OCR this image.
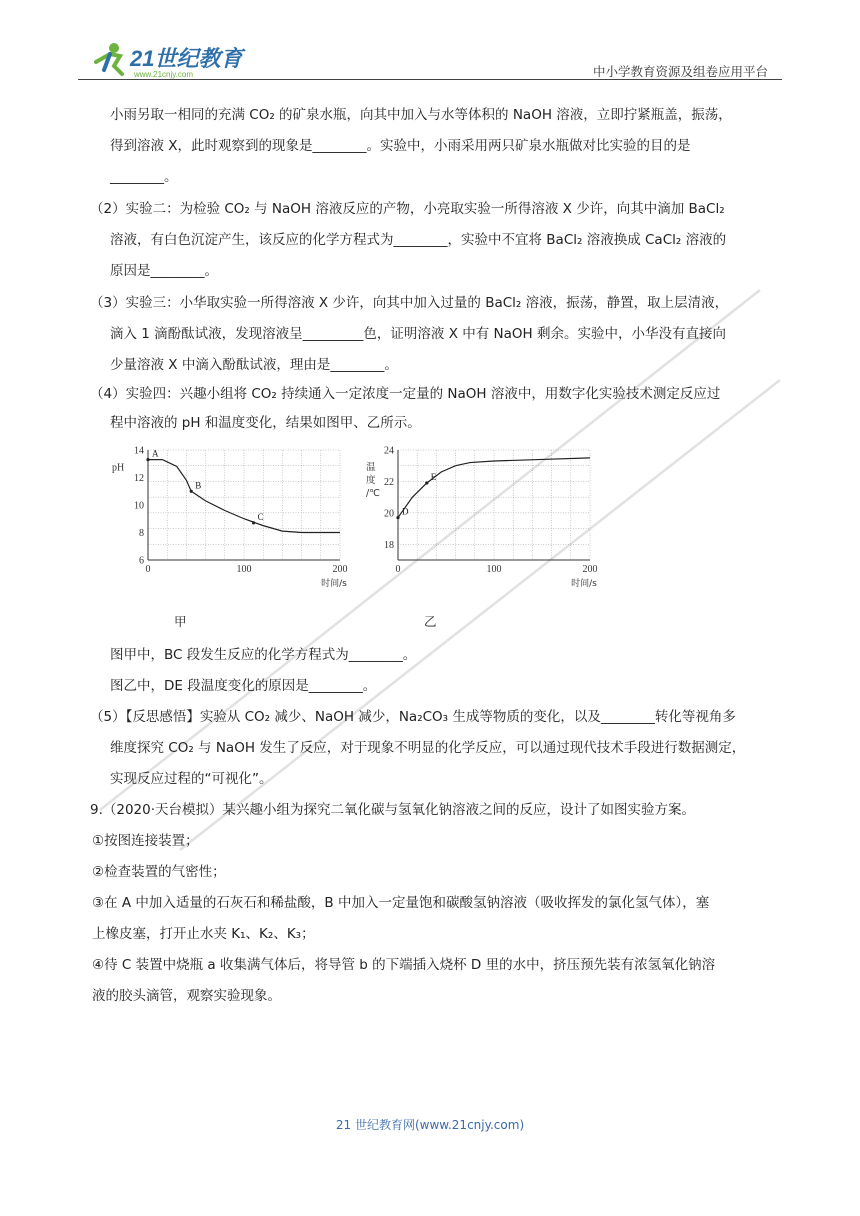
21世纪教育
www.21cnjy.com	中小学教育资源及组卷应用平台
小雨另取一相同的充满 CO₂ 的矿泉水瓶，向其中加入与水等体积的 NaOH 溶液，立即拧紧瓶盖，振荡，
得到溶液 X，此时观察到的现象是________。实验中，小雨采用两只矿泉水瓶做对比实验的目的是
________。
（2）实验二：为检验 CO₂ 与 NaOH 溶液反应的产物，小亮取实验一所得溶液 X 少许，向其中滴加 BaCl₂
溶液，有白色沉淀产生，该反应的化学方程式为________，实验中不宜将 BaCl₂ 溶液换成 CaCl₂ 溶液的
原因是________。
（3）实验三：小华取实验一所得溶液 X 少许，向其中加入过量的 BaCl₂ 溶液，振荡，静置，取上层清液，
滴入 1 滴酚酞试液，发现溶液呈_________色，证明溶液 X 中有 NaOH 剩余。实验中，小华没有直接向
少量溶液 X 中滴入酚酞试液，理由是________。
（4）实验四：兴趣小组将 CO₂ 持续通入一定浓度一定量的 NaOH 溶液中，用数字化实验技术测定反应过
程中溶液的 pH 和温度变化，结果如图甲、乙所示。
0	100	200
6
8
10
12
14
时间/s
pH
A
B
C
甲
0	100	200
18
20
22
24
时间/s
温
度
/℃
D
E
乙
图甲中，BC 段发生反应的化学方程式为________。
图乙中，DE 段温度变化的原因是________。
（5）【反思感悟】实验从 CO₂ 减少、NaOH 减少，Na₂CO₃ 生成等物质的变化，以及________转化等视角多
维度探究 CO₂ 与 NaOH 发生了反应，对于现象不明显的化学反应，可以通过现代技术手段进行数据测定，
实现反应过程的“可视化”。
9.（2020·天台模拟）某兴趣小组为探究二氧化碳与氢氧化钠溶液之间的反应，设计了如图实验方案。
①按图连接装置；
②检查装置的气密性；
③在 A 中加入适量的石灰石和稀盐酸，B 中加入一定量饱和碳酸氢钠溶液（吸收挥发的氯化氢气体），塞
上橡皮塞，打开止水夹 K₁、K₂、K₃；
④待 C 装置中烧瓶 a 收集满气体后，将导管 b 的下端插入烧杯 D 里的水中，挤压预先装有浓氢氧化钠溶
液的胶头滴管，观察实验现象。
21 世纪教育网(www.21cnjy.com)
